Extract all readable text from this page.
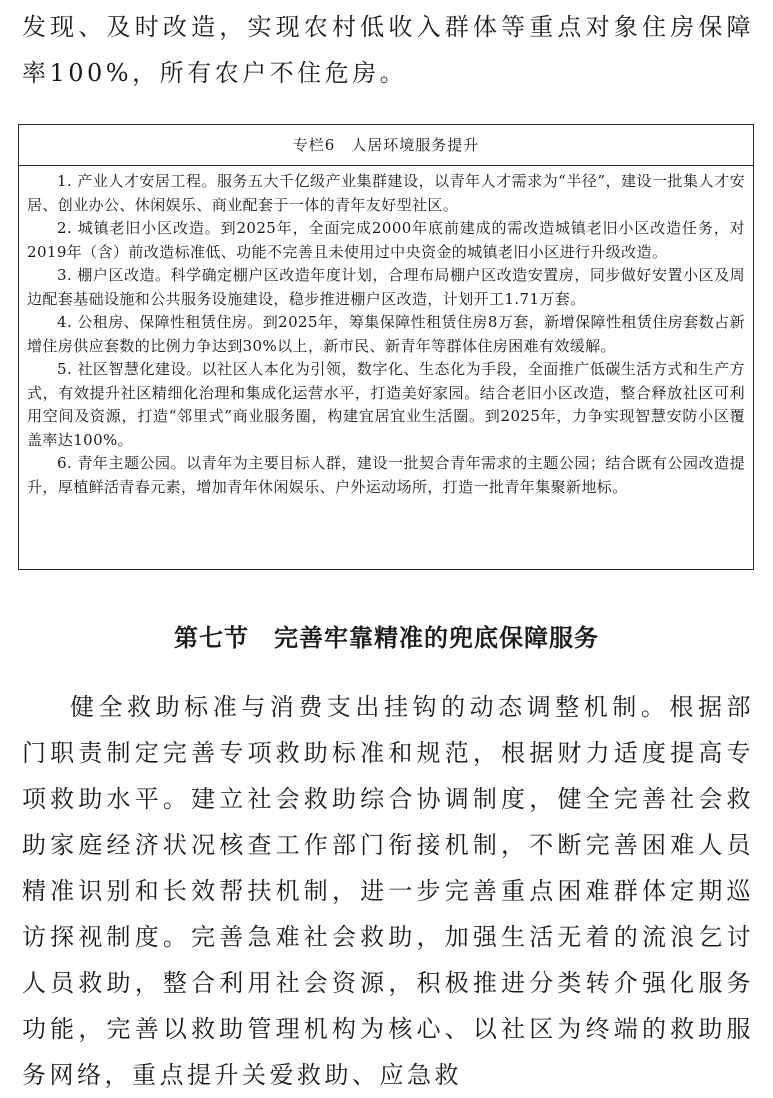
发现、及时改造，实现农村低收入群体等重点对象住房保障率100%，所有农户不住危房。

专栏6　人居环境服务提升

1. 产业人才安居工程。服务五大千亿级产业集群建设，以青年人才需求为“半径”，建设一批集人才安居、创业办公、休闲娱乐、商业配套于一体的青年友好型社区。

2. 城镇老旧小区改造。到2025年，全面完成2000年底前建成的需改造城镇老旧小区改造任务，对2019年（含）前改造标准低、功能不完善且未使用过中央资金的城镇老旧小区进行升级改造。

3. 棚户区改造。科学确定棚户区改造年度计划，合理布局棚户区改造安置房，同步做好安置小区及周边配套基础设施和公共服务设施建设，稳步推进棚户区改造，计划开工1.71万套。

4. 公租房、保障性租赁住房。到2025年，筹集保障性租赁住房8万套，新增保障性租赁住房套数占新增住房供应套数的比例力争达到30%以上，新市民、新青年等群体住房困难有效缓解。

5. 社区智慧化建设。以社区人本化为引领，数字化、生态化为手段，全面推广低碳生活方式和生产方式，有效提升社区精细化治理和集成化运营水平，打造美好家园。结合老旧小区改造，整合释放社区可利用空间及资源，打造“邻里式”商业服务圈，构建宜居宜业生活圈。到2025年，力争实现智慧安防小区覆盖率达100%。

6. 青年主题公园。以青年为主要目标人群，建设一批契合青年需求的主题公园；结合既有公园改造提升，厚植鲜活青春元素，增加青年休闲娱乐、户外运动场所，打造一批青年集聚新地标。

第七节　完善牢靠精准的兜底保障服务

健全救助标准与消费支出挂钩的动态调整机制。根据部门职责制定完善专项救助标准和规范，根据财力适度提高专项救助水平。建立社会救助综合协调制度，健全完善社会救助家庭经济状况核查工作部门衔接机制，不断完善困难人员精准识别和长效帮扶机制，进一步完善重点困难群体定期巡访探视制度。完善急难社会救助，加强生活无着的流浪乞讨人员救助，整合利用社会资源，积极推进分类转介强化服务功能，完善以救助管理机构为核心、以社区为终端的救助服务网络，重点提升关爱救助、应急救
